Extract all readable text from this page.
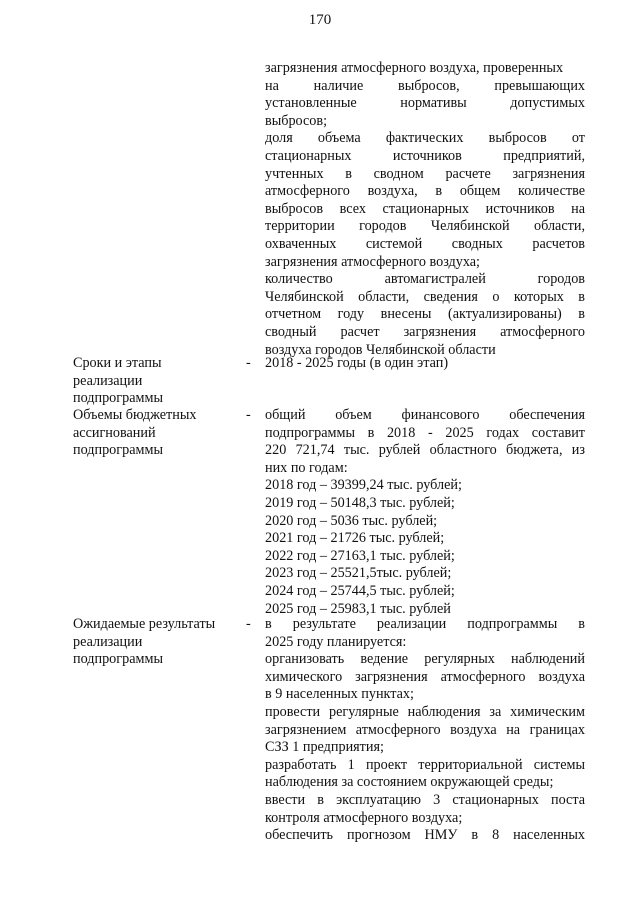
170
загрязнения атмосферного воздуха, проверенных
на наличие выбросов, превышающих
установленные нормативы допустимых
выбросов;
доля объема фактических выбросов от
стационарных источников предприятий,
учтенных в сводном расчете загрязнения
атмосферного воздуха, в общем количестве
выбросов всех стационарных источников на
территории городов Челябинской области,
охваченных системой сводных расчетов
загрязнения атмосферного воздуха;
количество автомагистралей городов
Челябинской области, сведения о которых в
отчетном году внесены (актуализированы) в
сводный расчет загрязнения атмосферного
воздуха городов Челябинской области
Сроки и этапы
реализации
подпрограммы
- 2018 - 2025 годы (в один этап)
Объемы бюджетных
ассигнований
подпрограммы
- общий объем финансового обеспечения
подпрограммы в 2018 - 2025 годах составит
220 721,74 тыс. рублей областного бюджета, из
них по годам:
2018 год – 39399,24 тыс. рублей;
2019 год – 50148,3 тыс. рублей;
2020 год – 5036 тыс. рублей;
2021 год – 21726 тыс. рублей;
2022 год – 27163,1 тыс. рублей;
2023 год – 25521,5тыс. рублей;
2024 год – 25744,5 тыс. рублей;
2025 год – 25983,1 тыс. рублей
Ожидаемые результаты
реализации
подпрограммы
- в результате реализации подпрограммы в
2025 году планируется:
организовать ведение регулярных наблюдений
химического загрязнения атмосферного воздуха
в 9 населенных пунктах;
провести регулярные наблюдения за химическим
загрязнением атмосферного воздуха на границах
СЗЗ 1 предприятия;
разработать 1 проект территориальной системы
наблюдения за состоянием окружающей среды;
ввести в эксплуатацию 3 стационарных поста
контроля атмосферного воздуха;
обеспечить прогнозом НМУ в 8 населенных
